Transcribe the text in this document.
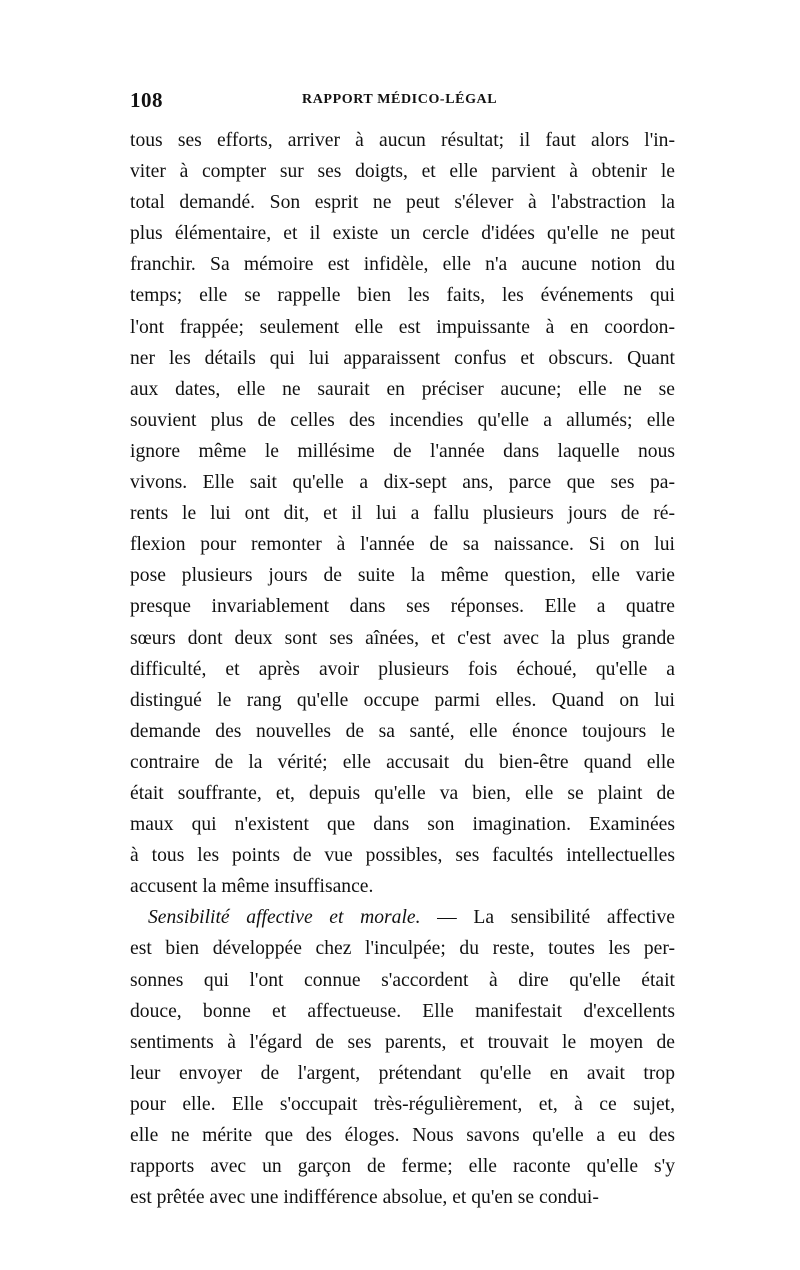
108	RAPPORT MÉDICO-LÉGAL
tous ses efforts, arriver à aucun résultat; il faut alors l'in-
viter à compter sur ses doigts, et elle parvient à obtenir le
total demandé. Son esprit ne peut s'élever à l'abstraction la
plus élémentaire, et il existe un cercle d'idées qu'elle ne peut
franchir. Sa mémoire est infidèle, elle n'a aucune notion du
temps; elle se rappelle bien les faits, les événements qui
l'ont frappée; seulement elle est impuissante à en coordon-
ner les détails qui lui apparaissent confus et obscurs. Quant
aux dates, elle ne saurait en préciser aucune; elle ne se
souvient plus de celles des incendies qu'elle a allumés; elle
ignore même le millésime de l'année dans laquelle nous
vivons. Elle sait qu'elle a dix-sept ans, parce que ses pa-
rents le lui ont dit, et il lui a fallu plusieurs jours de ré-
flexion pour remonter à l'année de sa naissance. Si on lui
pose plusieurs jours de suite la même question, elle varie
presque invariablement dans ses réponses. Elle a quatre
sœurs dont deux sont ses aînées, et c'est avec la plus grande
difficulté, et après avoir plusieurs fois échoué, qu'elle a
distingué le rang qu'elle occupe parmi elles. Quand on lui
demande des nouvelles de sa santé, elle énonce toujours le
contraire de la vérité; elle accusait du bien-être quand elle
était souffrante, et, depuis qu'elle va bien, elle se plaint de
maux qui n'existent que dans son imagination. Examinées
à tous les points de vue possibles, ses facultés intellectuelles
accusent la même insuffisance.
Sensibilité affective et morale. — La sensibilité affective
est bien développée chez l'inculpée; du reste, toutes les per-
sonnes qui l'ont connue s'accordent à dire qu'elle était
douce, bonne et affectueuse. Elle manifestait d'excellents
sentiments à l'égard de ses parents, et trouvait le moyen de
leur envoyer de l'argent, prétendant qu'elle en avait trop
pour elle. Elle s'occupait très-régulièrement, et, à ce sujet,
elle ne mérite que des éloges. Nous savons qu'elle a eu des
rapports avec un garçon de ferme; elle raconte qu'elle s'y
est prêtée avec une indifférence absolue, et qu'en se condui-
